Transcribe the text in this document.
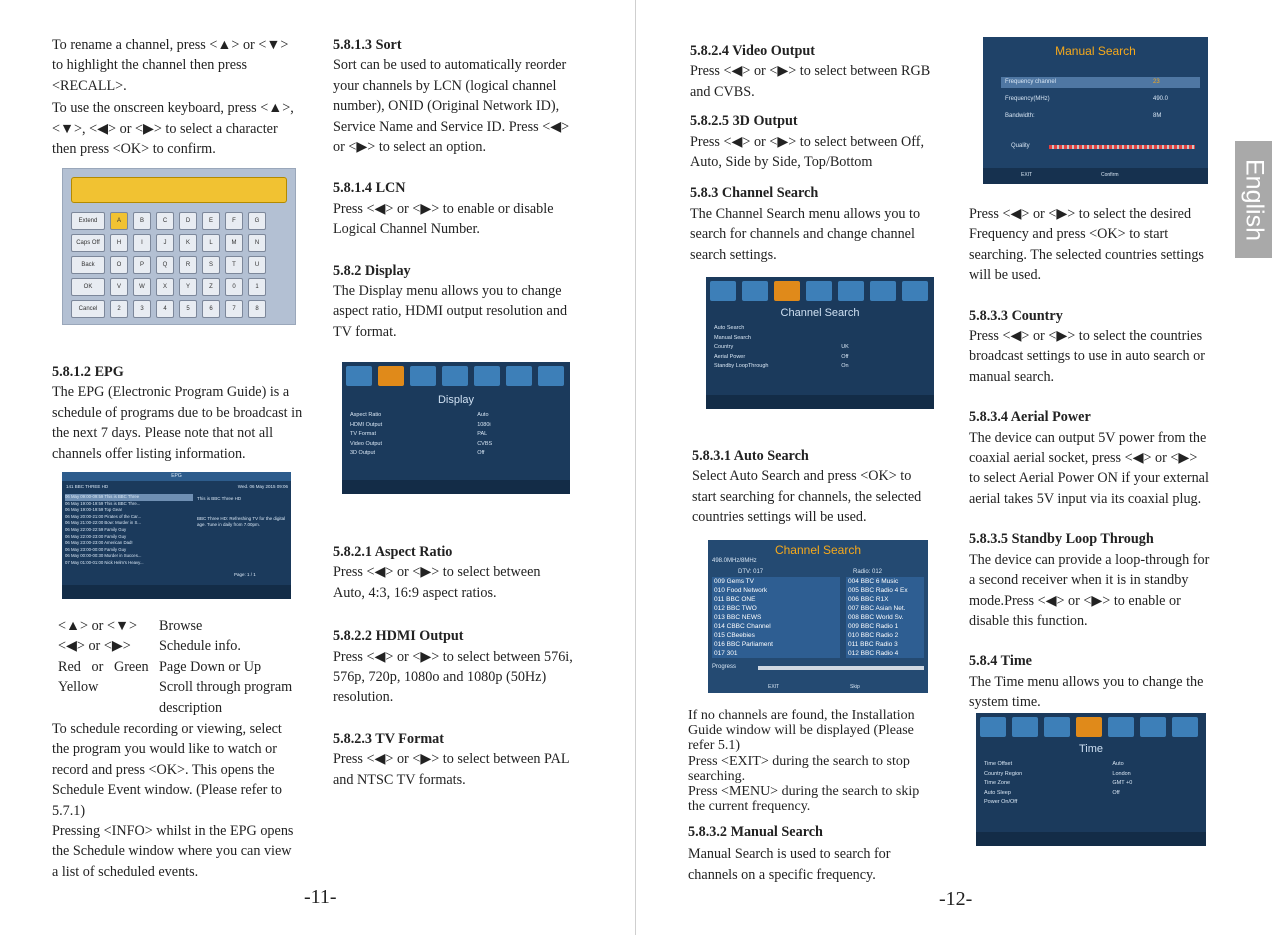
To rename a channel, press <▲> or <▼>

to highlight the channel then press

<RECALL>.

To use the onscreen keyboard, press <▲>,

<▼>, <◀> or <▶> to select a character

then press <OK> to confirm.

Extend	A	B	C	D	E	F	G
Caps Off	H	I	J	K	L	M	N
Back	O	P	Q	R	S	T	U
OK	V	W	X	Y	Z	0	1
Cancel	2	3	4	5	6	7	8

5.8.1.2 EPG

The EPG (Electronic Program Guide) is a

schedule of programs due to be broadcast in

the next 7 days. Please note that not all

channels offer listing information.

EPG
141 BBC THREE HD	Wed. 06 May 2015 09:06
06 May 09:00-09:59 This is BBC Three
06 May 19:00-19:59 This is BBC Thre...
06 May 19:00-19:59 Top Gear
06 May 20:00-21:00 Pirates of the Car...
06 May 21:00-22:00 Bow: Murder in S...
06 May 22:00-22:59 Family Guy
06 May 22:00-23:00 Family Guy
06 May 23:00-23:00 American Dad!
06 May 23:00-00:00 Family Guy
06 May 00:00-00:30 Murder in Succes...
07 May 01:00-01:00 Nick Helm's Heavy...
This is BBC Three HD
BBC Three HD: Refreshing TV for the digital age. Tune in daily from 7.00pm.
Page: 1 / 1
<▲> or <▼>	Browse
<◀> or <▶>	Schedule info.
Red   or   Green	Page Down or Up
Yellow	Scroll through program
	description

To schedule recording or viewing, select

the program you would like to watch or

record and press <OK>. This opens the

Schedule Event window. (Please refer to

5.7.1)

Pressing <INFO> whilst in the EPG opens

the Schedule window where you can view

a list of scheduled events.

5.8.1.3 Sort

Sort can be used to automatically reorder

your channels by LCN (logical channel

number), ONID (Original Network ID),

Service Name and Service ID. Press <◀>

or <▶> to select an option.

5.8.1.4 LCN

Press <◀> or <▶> to enable or disable

Logical Channel Number.

5.8.2 Display

The Display menu allows you to change

aspect ratio, HDMI output resolution and

TV format.

Display
Aspect Ratio	Auto
HDMI Output	1080i
TV Format	PAL
Video Output	CVBS
3D Output	Off

5.8.2.1 Aspect Ratio

Press <◀> or <▶> to select between

Auto, 4:3, 16:9 aspect ratios.

5.8.2.2 HDMI Output

Press <◀> or <▶> to select between 576i,

576p, 720p, 1080o and 1080p (50Hz)

resolution.

5.8.2.3 TV Format

Press <◀> or <▶> to select between PAL

and NTSC TV formats.

-11-

5.8.2.4 Video Output

Press <◀> or <▶> to select between RGB

and CVBS.

5.8.2.5 3D Output

Press <◀> or <▶> to select between Off,

Auto, Side by Side, Top/Bottom

5.8.3 Channel Search

The Channel Search menu allows you to

search for channels and change channel

search settings.

Channel Search
Auto Search
Manual Search
Country	UK
Aerial Power	Off
Standby LoopThrough	On

5.8.3.1 Auto Search

Select Auto Search and press <OK> to

start searching for channels, the selected

countries settings will be used.

Channel Search
498.0MHz/8MHz
DTV: 017	Radio: 012
009 Gems TV
010 Food Network
011 BBC ONE
012 BBC TWO
013 BBC NEWS
014 CBBC Channel
015 CBeebies
016 BBC Parliament
017 301
004 BBC 6 Music
005 BBC Radio 4 Ex
006 BBC R1X
007 BBC Asian Net.
008 BBC World Sv.
009 BBC Radio 1
010 BBC Radio 2
011 BBC Radio 3
012 BBC Radio 4
Progress
EXIT	Skip

If no channels are found, the Installation

Guide window will be displayed (Please

refer 5.1)

Press <EXIT> during the search to stop

searching.

Press <MENU> during the search to skip

the current frequency.

5.8.3.2 Manual Search

Manual Search is used to search for

channels on a specific frequency.

Manual Search
Frequency channel	23
Frequency(MHz)	490.0
Bandwidth:	8M
Quality
EXIT	Confirm

Press <◀> or <▶> to select the desired

Frequency and press <OK> to start

searching. The selected countries settings

will be used.

5.8.3.3 Country

Press <◀> or <▶> to select the countries

broadcast settings to use in auto search or

manual search.

5.8.3.4 Aerial Power

The device can output 5V power from the

coaxial aerial socket, press <◀> or <▶>

to select Aerial Power ON if your external

aerial takes 5V input via its coaxial plug.

5.8.3.5 Standby Loop Through

The device can provide a loop-through for

a second receiver when it is in standby

mode.Press <◀> or <▶> to enable or

disable this function.

5.8.4 Time

The Time menu allows you to change the

system time.

Time
Time Offset	Auto
Country Region	London
Time Zone	GMT +0
Auto Sleep	Off
Power On/Off
English
-12-
